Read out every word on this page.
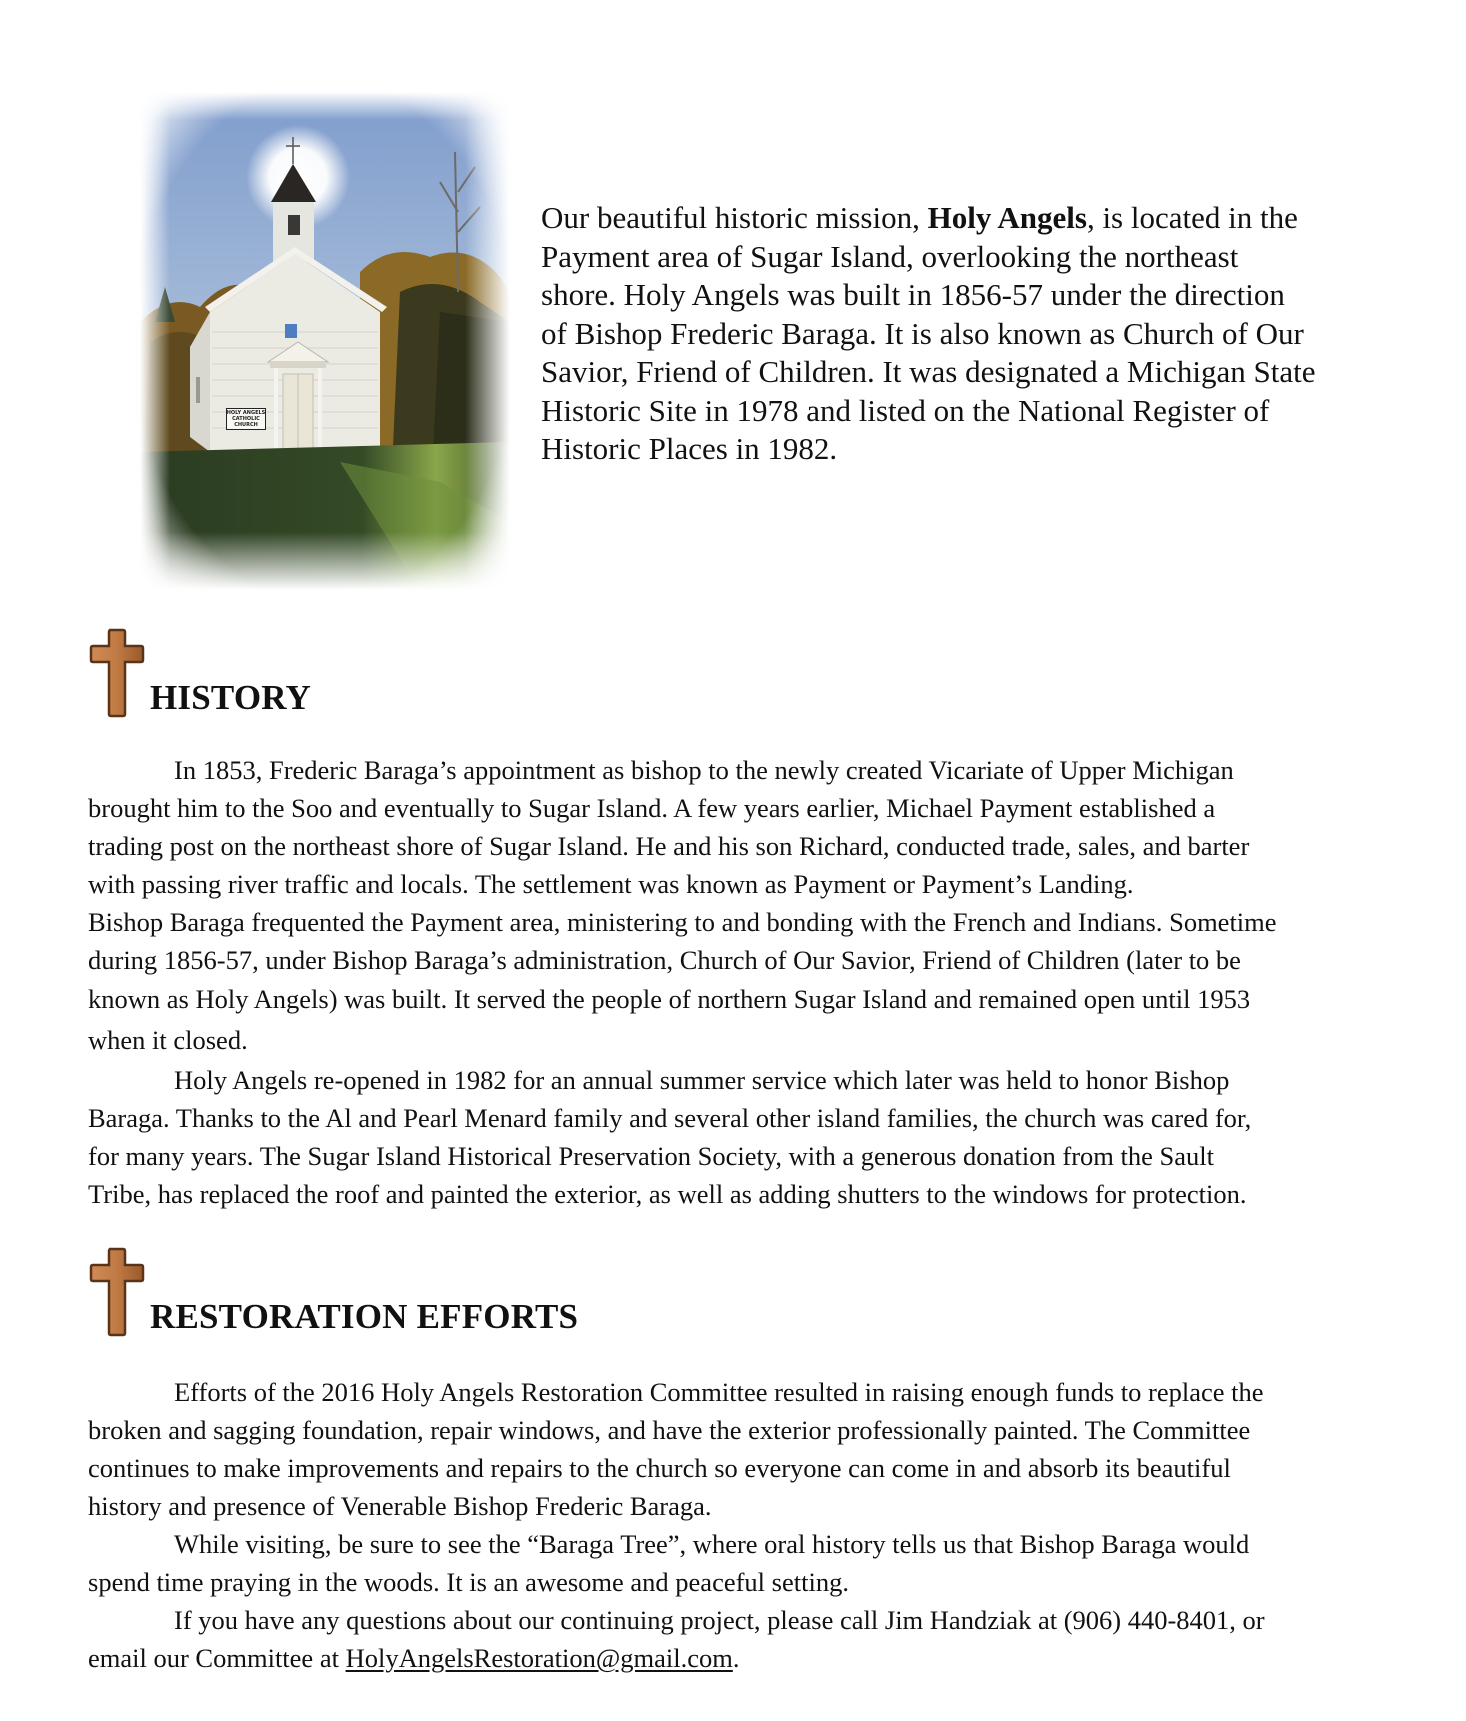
HOLY ANGELS
CATHOLIC
CHURCH
Our beautiful historic mission, Holy Angels, is located in the
Payment area of Sugar Island, overlooking the northeast
shore. Holy Angels was built in 1856-57 under the direction
of Bishop Frederic Baraga. It is also known as Church of Our
Savior, Friend of Children. It was designated a Michigan State
Historic Site in 1978 and listed on the National Register of
Historic Places in 1982.
HISTORY
In 1853, Frederic Baraga’s appointment as bishop to the newly created Vicariate of Upper Michigan
brought him to the Soo and eventually to Sugar Island. A few years earlier, Michael Payment established a
trading post on the northeast shore of Sugar Island. He and his son Richard, conducted trade, sales, and barter
with passing river traffic and locals. The settlement was known as Payment or Payment’s Landing.
Bishop Baraga frequented the Payment area, ministering to and bonding with the French and Indians. Sometime
during 1856-57, under Bishop Baraga’s administration, Church of Our Savior, Friend of Children (later to be
known as Holy Angels) was built. It served the people of northern Sugar Island and remained open until 1953
when it closed.
Holy Angels re-opened in 1982 for an annual summer service which later was held to honor Bishop
Baraga. Thanks to the Al and Pearl Menard family and several other island families, the church was cared for,
for many years. The Sugar Island Historical Preservation Society, with a generous donation from the Sault
Tribe, has replaced the roof and painted the exterior, as well as adding shutters to the windows for protection.
RESTORATION EFFORTS
Efforts of the 2016 Holy Angels Restoration Committee resulted in raising enough funds to replace the
broken and sagging foundation, repair windows, and have the exterior professionally painted. The Committee
continues to make improvements and repairs to the church so everyone can come in and absorb its beautiful
history and presence of Venerable Bishop Frederic Baraga.
While visiting, be sure to see the “Baraga Tree”, where oral history tells us that Bishop Baraga would
spend time praying in the woods. It is an awesome and peaceful setting.
If you have any questions about our continuing project, please call Jim Handziak at (906) 440-8401, or
email our Committee at HolyAngelsRestoration@gmail.com.
